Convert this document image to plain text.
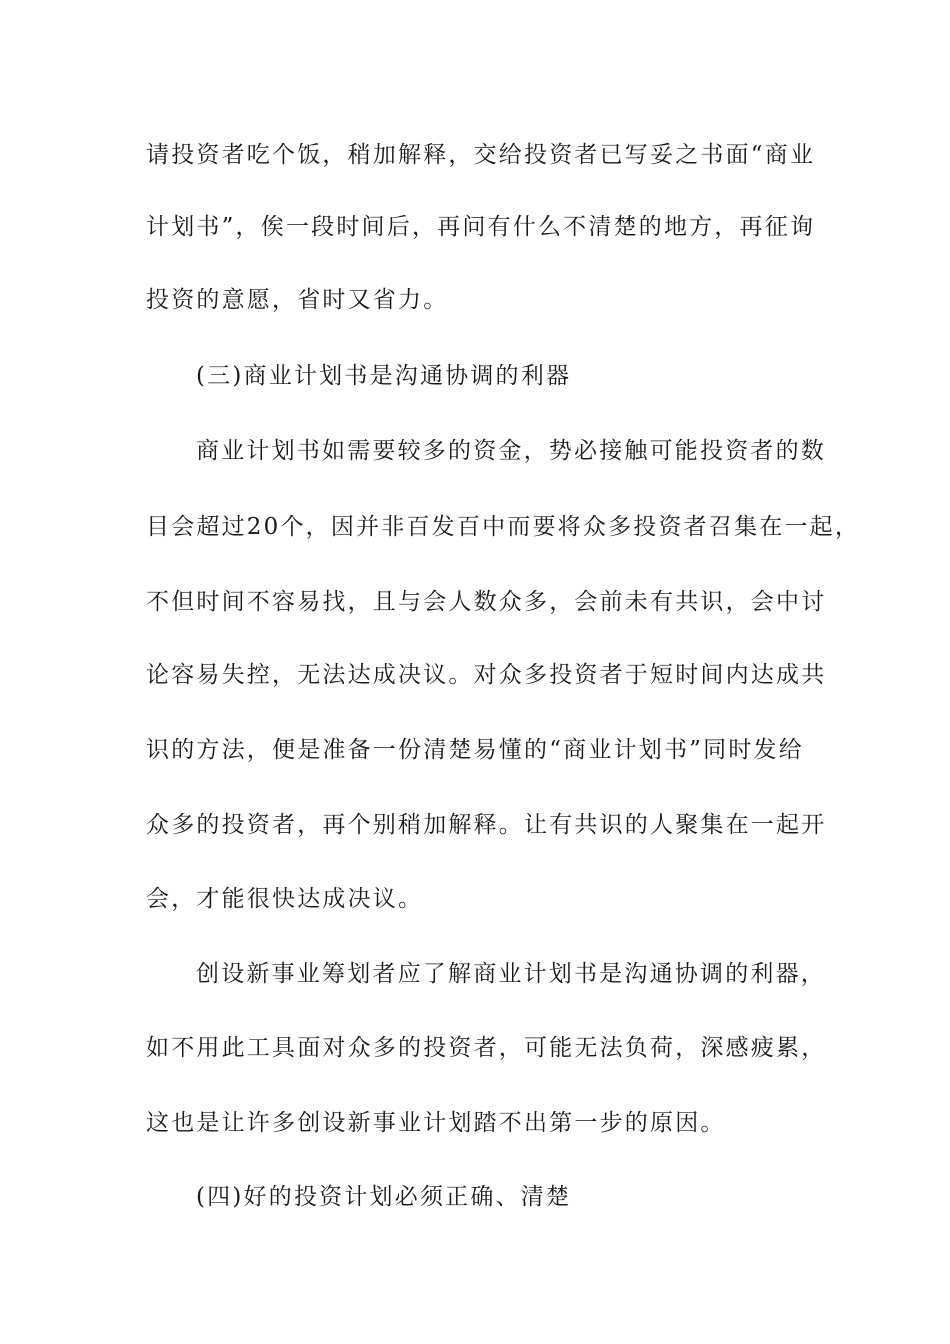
请投资者吃个饭，稍加解释，交给投资者已写妥之书面“商业
计划书”，俟一段时间后，再问有什么不清楚的地方，再征询
投资的意愿，省时又省力。
(三)商业计划书是沟通协调的利器
商业计划书如需要较多的资金，势必接触可能投资者的数
目会超过20个，因并非百发百中而要将众多投资者召集在一起，
不但时间不容易找，且与会人数众多，会前未有共识，会中讨
论容易失控，无法达成决议。对众多投资者于短时间内达成共
识的方法，便是准备一份清楚易懂的“商业计划书”同时发给
众多的投资者，再个别稍加解释。让有共识的人聚集在一起开
会，才能很快达成决议。
创设新事业筹划者应了解商业计划书是沟通协调的利器，
如不用此工具面对众多的投资者，可能无法负荷，深感疲累，
这也是让许多创设新事业计划踏不出第一步的原因。
(四)好的投资计划必须正确、清楚
